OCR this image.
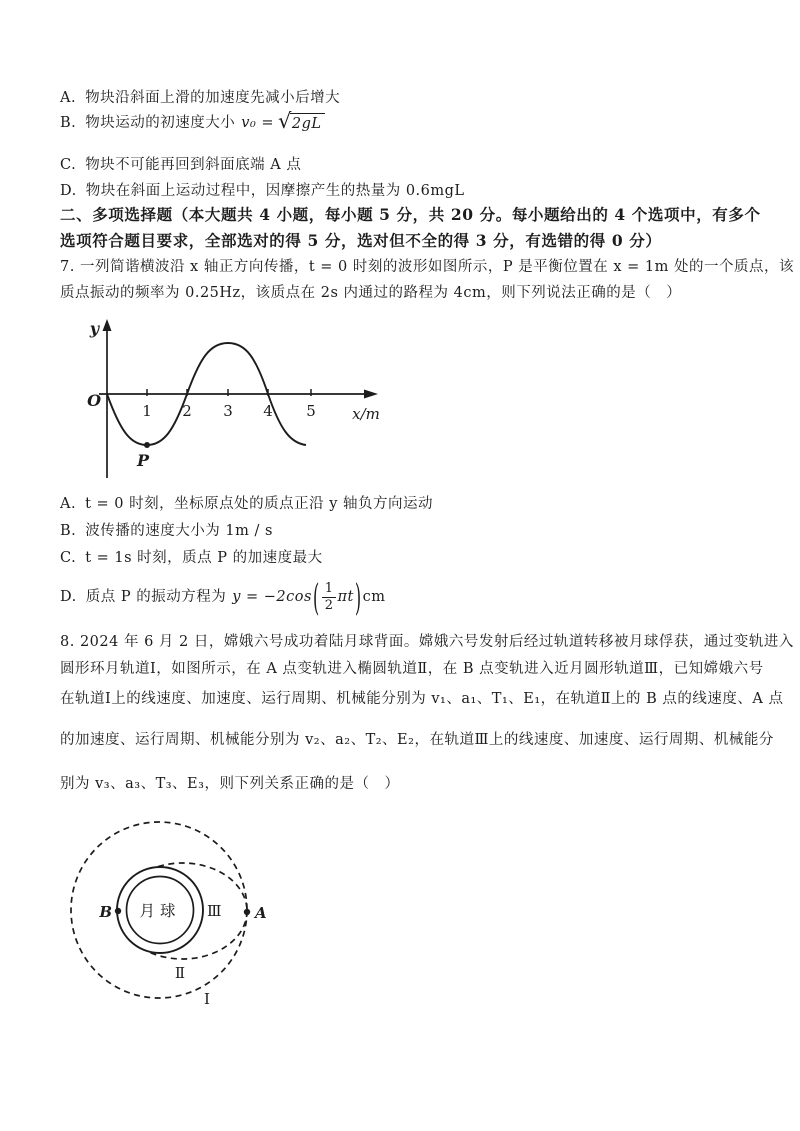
A. 物块沿斜面上滑的加速度先减小后增大
B. 物块运动的初速度大小 v₀ = √ 2gL
C. 物块不可能再回到斜面底端 A 点
D. 物块在斜面上运动过程中，因摩擦产生的热量为 0.6mgL
二、多项选择题（本大题共 4 小题，每小题 5 分，共 20 分。每小题给出的 4 个选项中，有多个
选项符合题目要求，全部选对的得 5 分，选对但不全的得 3 分，有选错的得 0 分）
7. 一列简谐横波沿 x 轴正方向传播，t = 0 时刻的波形如图所示，P 是平衡位置在 x = 1m 处的一个质点，该
质点振动的频率为 0.25Hz，该质点在 2s 内通过的路程为 4cm，则下列说法正确的是（　）
y
O
1 2 3 4 5 x/m
P
A. t = 0 时刻，坐标原点处的质点正沿 y 轴负方向运动
B. 波传播的速度大小为 1m / s
C. t = 1s 时刻，质点 P 的加速度最大
D. 质点 P 的振动方程为 y = −2cos ( $\frac{1}{2}$ πt ) cm
8. 2024 年 6 月 2 日，嫦娥六号成功着陆月球背面。嫦娥六号发射后经过轨道转移被月球俘获，通过变轨进入
圆形环月轨道Ⅰ，如图所示，在 A 点变轨进入椭圆轨道Ⅱ，在 B 点变轨进入近月圆形轨道Ⅲ，已知嫦娥六号
在轨道Ⅰ上的线速度、加速度、运行周期、机械能分别为 v₁、a₁、T₁、E₁，在轨道Ⅱ上的 B 点的线速度、A 点
的加速度、运行周期、机械能分别为 v₂、a₂、T₂、E₂，在轨道Ⅲ上的线速度、加速度、运行周期、机械能分
别为 v₃、a₃、T₃、E₃，则下列关系正确的是（　）
月球
B	A
Ⅲ
Ⅱ
Ⅰ
